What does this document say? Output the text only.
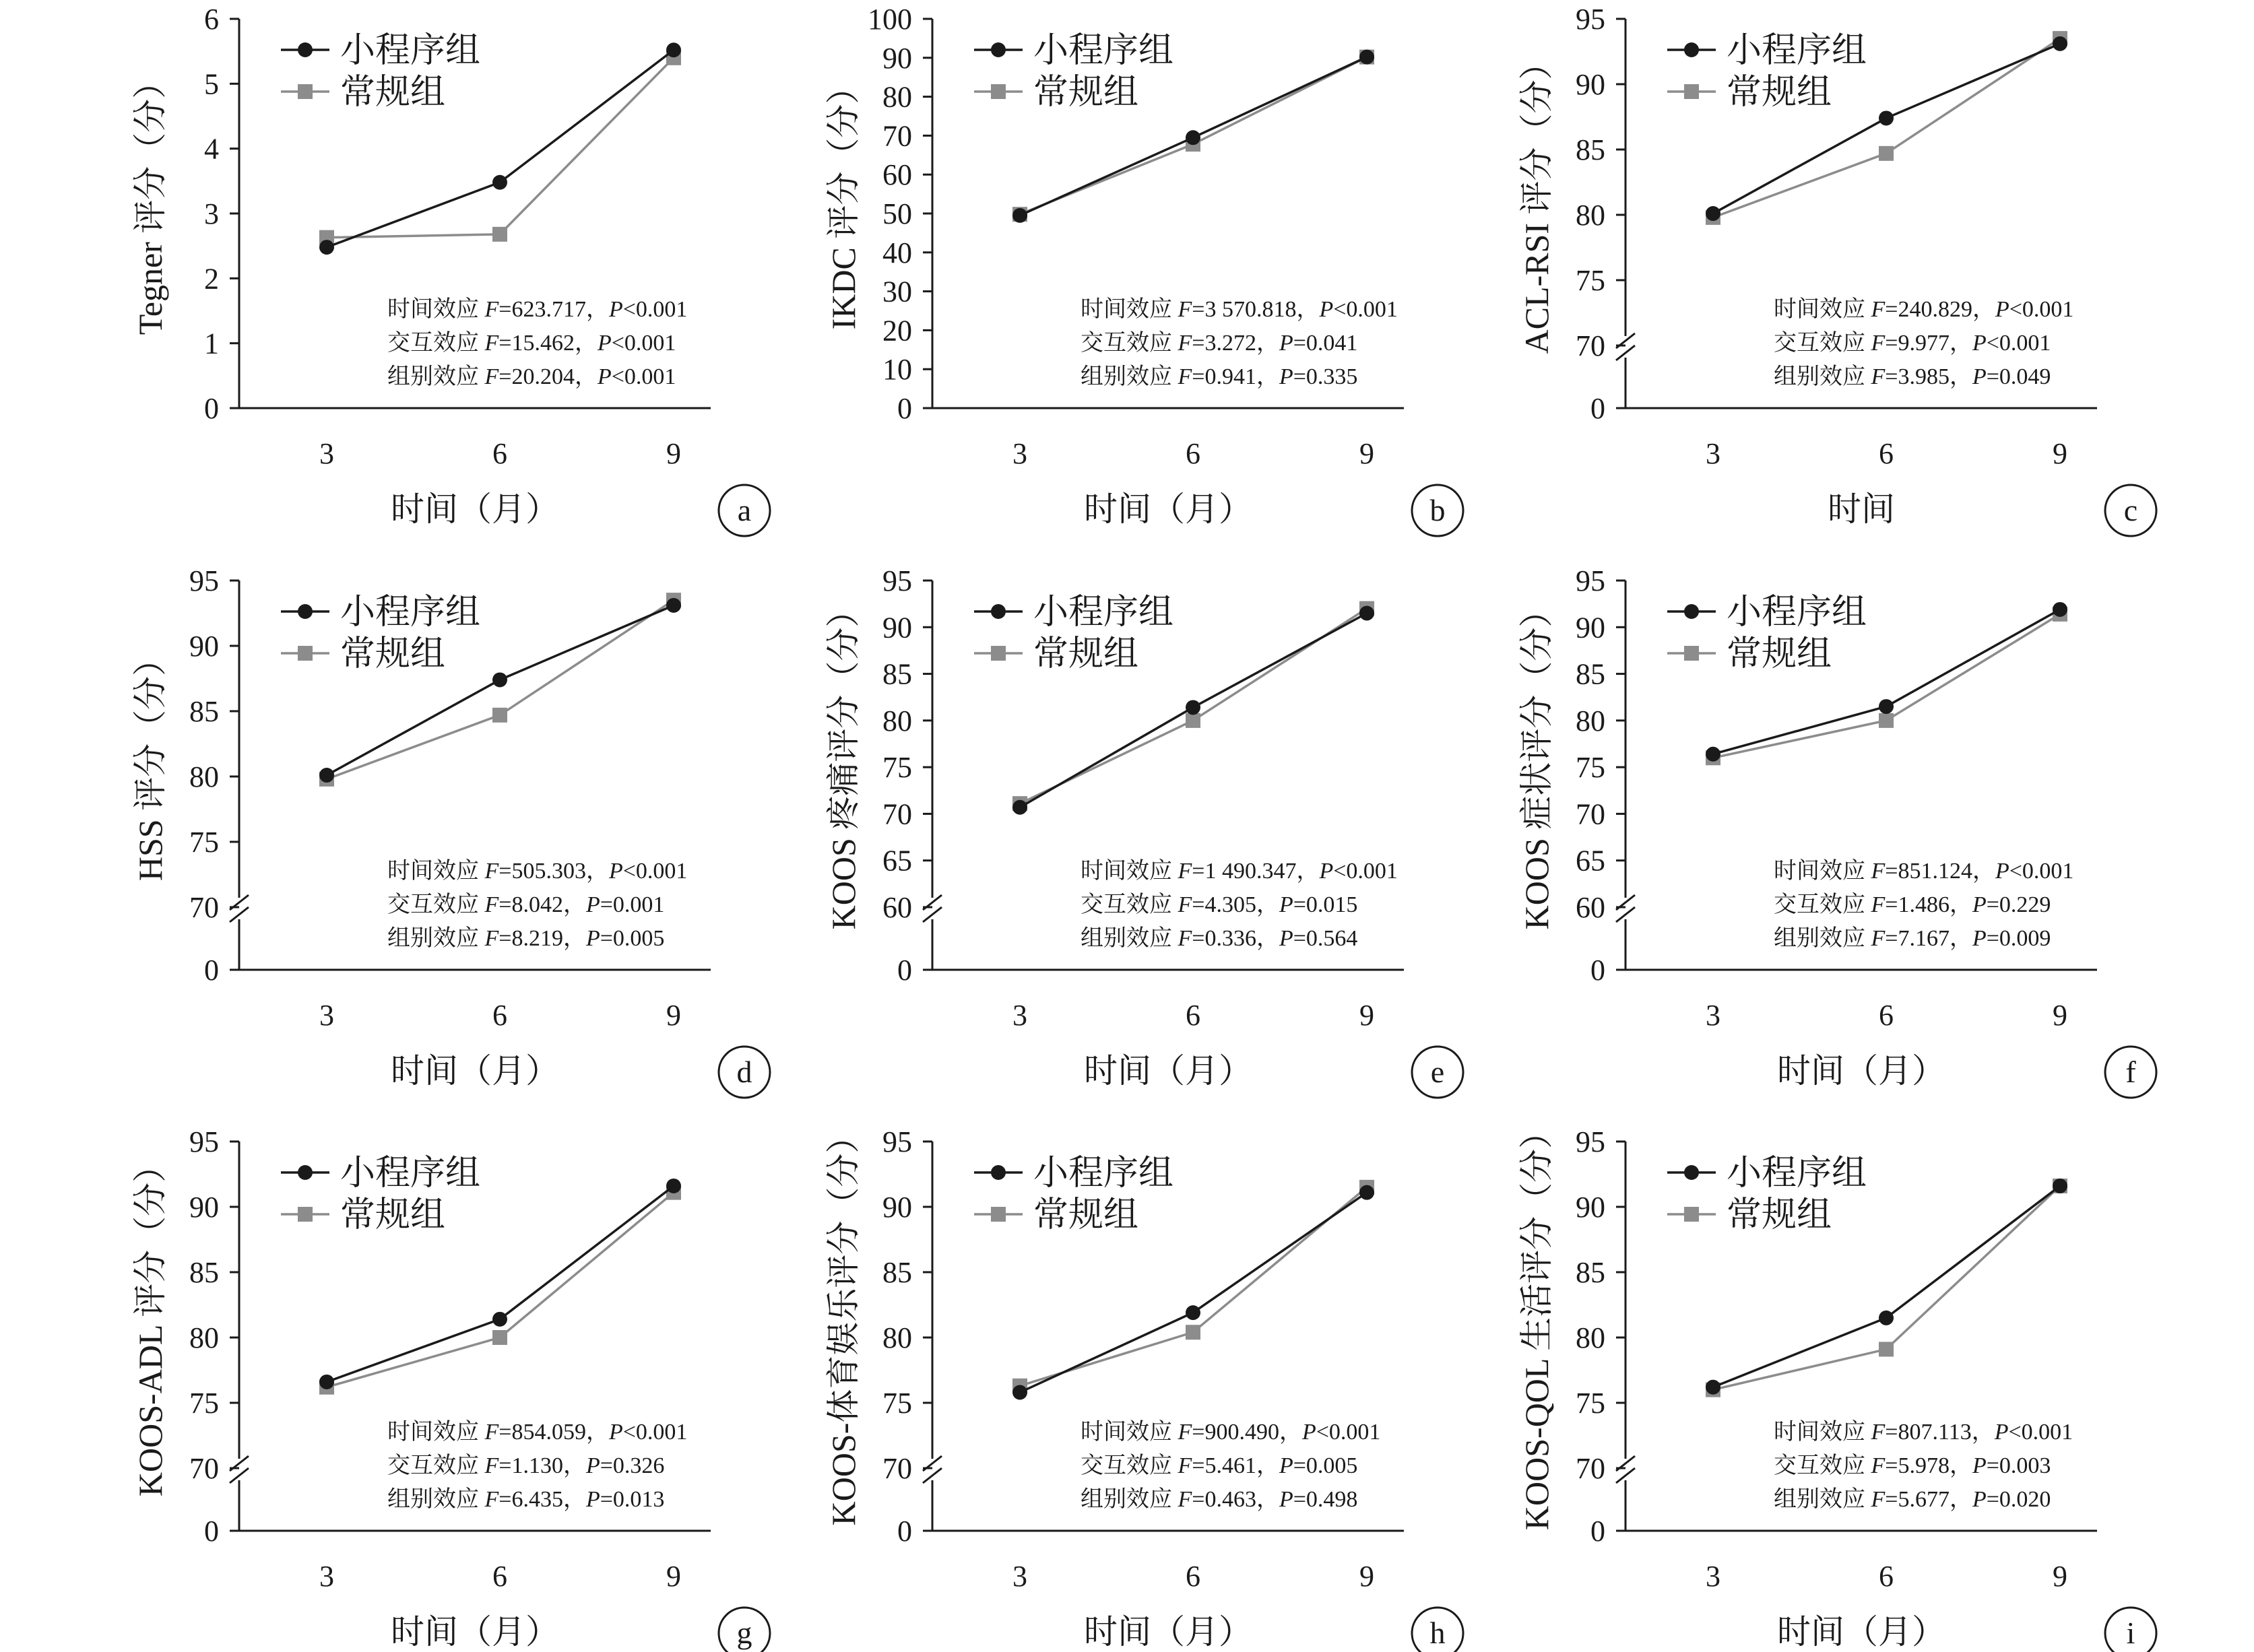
0
1
2
3
4
5
6
3	6	9
时间（月）
Tegner 评分（分）
小程序组
常规组
时间效应 F=623.717，P<0.001
交互效应 F=15.462，P<0.001
组别效应 F=20.204，P<0.001
a
0
10
20
30
40
50
60
70
80
90
100
3	6	9
时间（月）
IKDC 评分（分）
小程序组
常规组
时间效应 F=3 570.818，P<0.001
交互效应 F=3.272，P=0.041
组别效应 F=0.941，P=0.335
b
0
70
75
80
85
90
95
3	6	9
时间
ACL-RSI 评分（分）	小程序组
常规组
时间效应 F=240.829，P<0.001
交互效应 F=9.977，P<0.001
组别效应 F=3.985，P=0.049
c
0
70
75
80
85
90
95
3	6	9
时间（月）
HSS 评分（分）
小程序组
常规组
时间效应 F=505.303，P<0.001
交互效应 F=8.042，P=0.001
组别效应 F=8.219，P=0.005
d
0
60
65
70
75
80
85
90
95
3	6	9
时间（月）
KOOS 疼痛评分（分）	小程序组
常规组
时间效应 F=1 490.347，P<0.001
交互效应 F=4.305，P=0.015
组别效应 F=0.336，P=0.564
e
0
60
65
70
75
80
85
90
95
3	6	9
时间（月）
KOOS 症状评分（分）	小程序组
常规组
时间效应 F=851.124，P<0.001
交互效应 F=1.486，P=0.229
组别效应 F=7.167，P=0.009
f
0
70
75
80
85
90
95
3	6	9
时间（月）
KOOS-ADL 评分（分）	小程序组
常规组
时间效应 F=854.059，P<0.001
交互效应 F=1.130，P=0.326
组别效应 F=6.435，P=0.013
g
0
70
75
80
85
90
95
3	6	9
时间（月）
KOOS-体育娱乐评分（分）	小程序组
常规组
时间效应 F=900.490，P<0.001
交互效应 F=5.461，P=0.005
组别效应 F=0.463，P=0.498
h
0
70
75
80
85
90
95
3	6	9
时间（月）
KOOS-QOL 生活评分（分）	小程序组
常规组
时间效应 F=807.113，P<0.001
交互效应 F=5.978，P=0.003
组别效应 F=5.677，P=0.020
i
